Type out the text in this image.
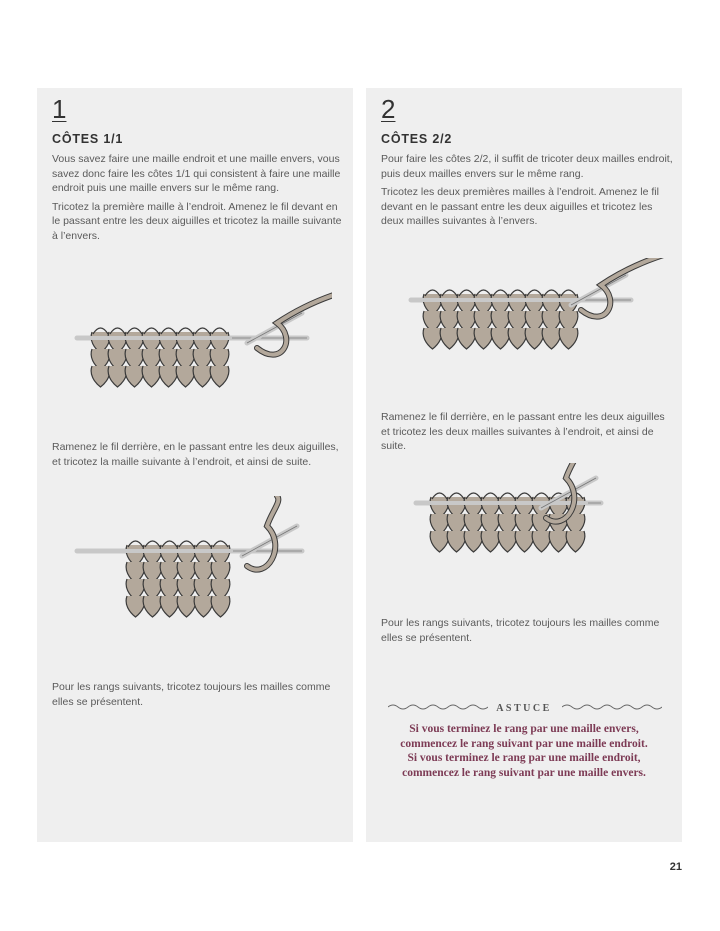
1
CÔTES 1/1

Vous savez faire une maille endroit et une maille envers, vous savez donc faire les côtes 1/1 qui consistent à faire une maille endroit puis une maille envers sur le même rang.

Tricotez la première maille à l’endroit. Amenez le fil devant en le passant entre les deux aiguilles et tricotez la maille suivante à l’envers.

Ramenez le fil derrière, en le passant entre les deux aiguilles, et tricotez la maille suivante à l’endroit, et ainsi de suite.
Pour les rangs suivants, tricotez toujours les mailles comme elles se présentent.
2
CÔTES 2/2

Pour faire les côtes 2/2, il suffit de tricoter deux mailles endroit, puis deux mailles envers sur le même rang.

Tricotez les deux premières mailles à l’endroit. Amenez le fil devant en le passant entre les deux aiguilles et tricotez les deux mailles suivantes à l’envers.

Ramenez le fil derrière, en le passant entre les deux aiguilles et tricotez les deux mailles suivantes à l’endroit, et ainsi de suite.
Pour les rangs suivants, tricotez toujours les mailles comme elles se présentent.
ASTUCE
Si vous terminez le rang par une maille envers,
commencez le rang suivant par une maille endroit.
Si vous terminez le rang par une maille endroit,
commencez le rang suivant par une maille envers.
21
